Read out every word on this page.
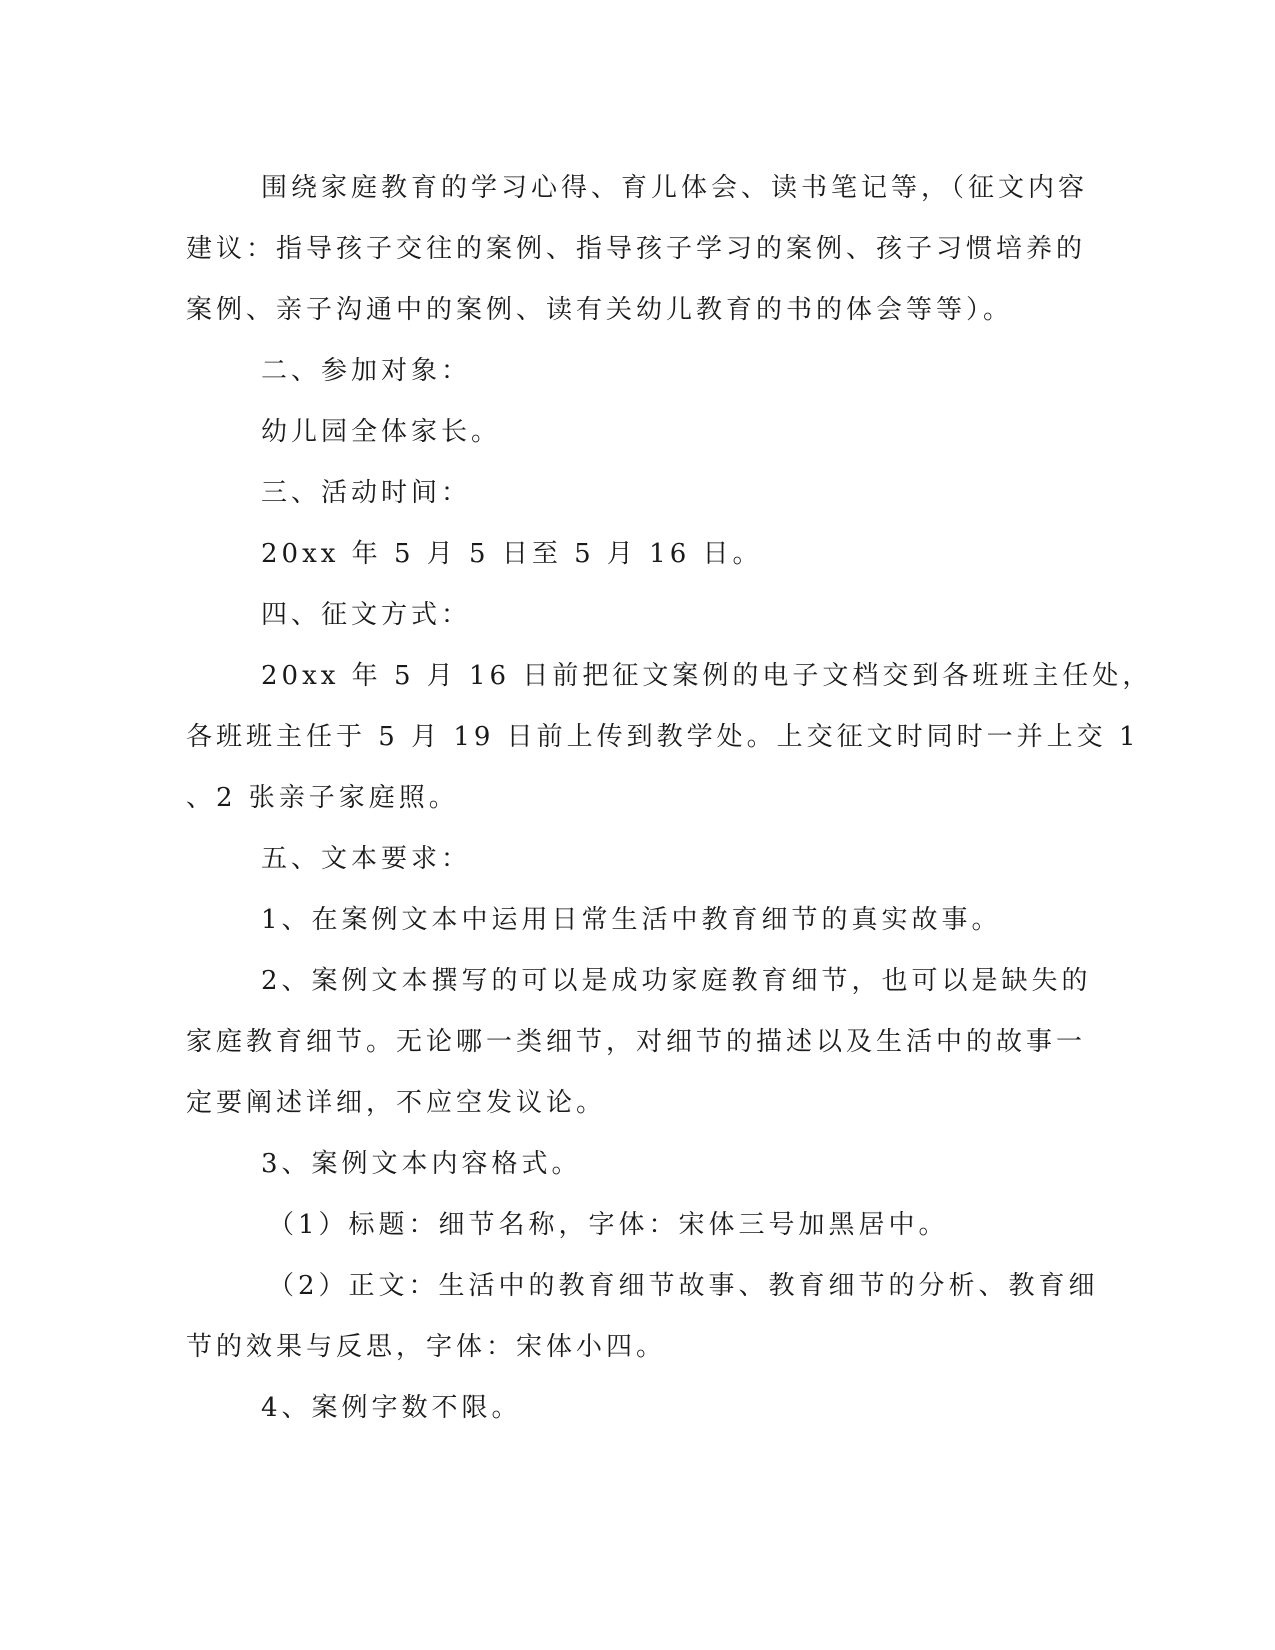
围绕家庭教育的学习心得、育儿体会、读书笔记等，（征文内容
建议：指导孩子交往的案例、指导孩子学习的案例、孩子习惯培养的
案例、亲子沟通中的案例、读有关幼儿教育的书的体会等等）。
二、参加对象：
幼儿园全体家长。
三、活动时间：
20xx 年 5 月 5 日至 5 月 16 日。
四、征文方式：
20xx 年 5 月 16 日前把征文案例的电子文档交到各班班主任处，
各班班主任于 5 月 19 日前上传到教学处。上交征文时同时一并上交 1
、2 张亲子家庭照。
五、文本要求：
1、在案例文本中运用日常生活中教育细节的真实故事。
2、案例文本撰写的可以是成功家庭教育细节，也可以是缺失的
家庭教育细节。无论哪一类细节，对细节的描述以及生活中的故事一
定要阐述详细，不应空发议论。
3、案例文本内容格式。
（1）标题：细节名称，字体：宋体三号加黑居中。
（2）正文：生活中的教育细节故事、教育细节的分析、教育细
节的效果与反思，字体：宋体小四。
4、案例字数不限。
